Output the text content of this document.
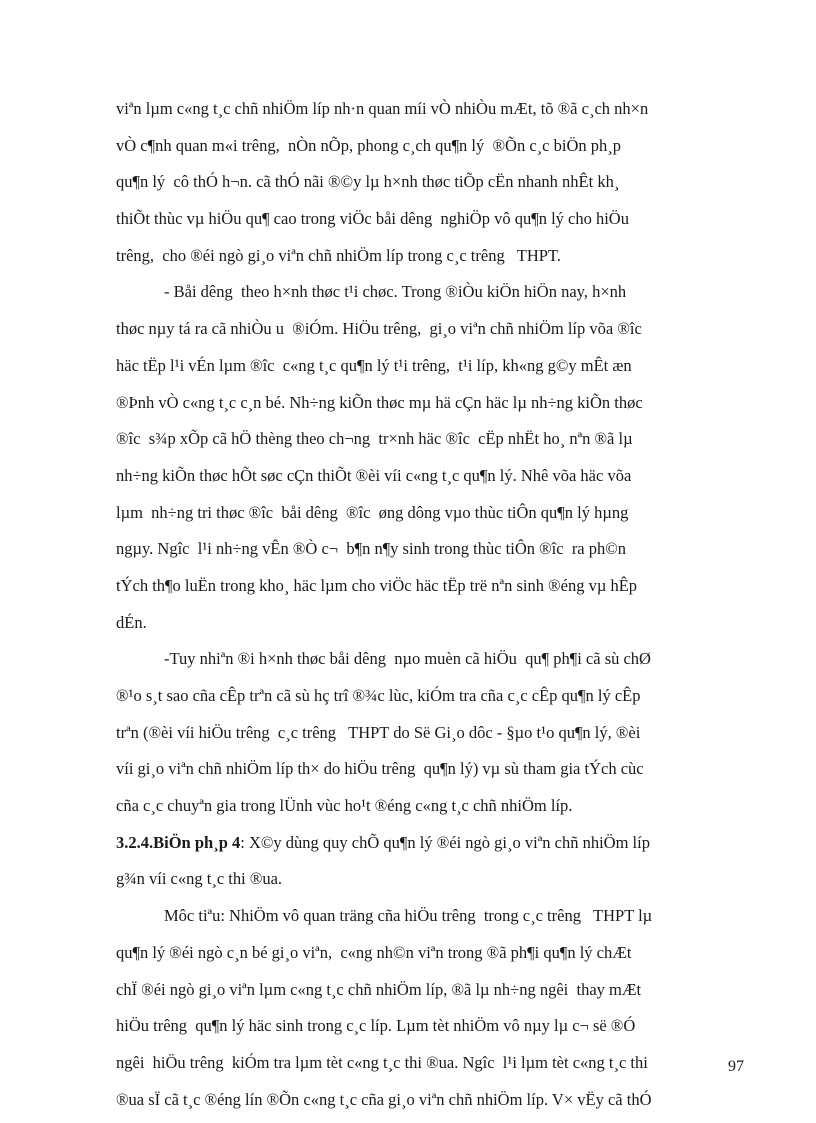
viªn lµm c«ng t¸c chñ nhiÖm líp nh·n quan míi vÒ nhiÒu mÆt, tõ ®ã c¸ch nh×n
vÒ c¶nh quan m«i trêng,  nÒn nÕp, phong c¸ch qu¶n lý  ®Õn c¸c biÖn ph¸p
qu¶n lý  cô thÓ h¬n. cã thÓ nãi ®©y lµ h×nh thøc tiÕp cËn nhanh nhÊt kh¸
thiÕt thùc vµ hiÖu qu¶ cao trong viÖc båi dêng  nghiÖp vô qu¶n lý cho hiÖu
trêng,  cho ®éi ngò gi¸o viªn chñ nhiÖm líp trong c¸c trêng   THPT.
- Båi dêng  theo h×nh thøc t¹i chøc. Trong ®iÒu kiÖn hiÖn nay, h×nh
thøc nµy tá ra cã nhiÒu u  ®iÓm. HiÖu trêng,  gi¸o viªn chñ nhiÖm líp võa ®îc
häc tËp l¹i vÉn lµm ®îc  c«ng t¸c qu¶n lý t¹i trêng,  t¹i líp, kh«ng g©y mÊt æn
®Þnh vÒ c«ng t¸c c¸n bé. Nh÷ng kiÕn thøc mµ hä cÇn häc lµ nh÷ng kiÕn thøc
®îc  s¾p xÕp cã hÖ thèng theo ch¬ng  tr×nh häc ®îc  cËp nhËt ho¸ nªn ®ã lµ
nh÷ng kiÕn thøc hÕt søc cÇn thiÕt ®èi víi c«ng t¸c qu¶n lý. Nhê võa häc võa
lµm  nh÷ng tri thøc ®îc  båi dêng  ®îc  øng dông vµo thùc tiÔn qu¶n lý hµng
ngµy. Ngîc  l¹i nh÷ng vÊn ®Ò c¬  b¶n n¶y sinh trong thùc tiÔn ®îc  ra ph©n
tÝch th¶o luËn trong kho¸ häc lµm cho viÖc häc tËp trë nªn sinh ®éng vµ hÊp
dÉn.
-Tuy nhiªn ®i h×nh thøc båi dêng  nµo muèn cã hiÖu  qu¶ ph¶i cã sù chØ
®¹o s¸t sao cña cÊp trªn cã sù hç trî ®¾c lùc, kiÓm tra cña c¸c cÊp qu¶n lý cÊp
trªn (®èi víi hiÖu trêng  c¸c trêng   THPT do Së Gi¸o dôc - §µo t¹o qu¶n lý, ®èi
víi gi¸o viªn chñ nhiÖm líp th× do hiÖu trêng  qu¶n lý) vµ sù tham gia tÝch cùc
cña c¸c chuyªn gia trong lÜnh vùc ho¹t ®éng c«ng t¸c chñ nhiÖm líp.
3.2.4.BiÖn ph¸p 4: X©y dùng quy chÕ qu¶n lý ®éi ngò gi¸o viªn chñ nhiÖm líp
g¾n víi c«ng t¸c thi ®ua.
Môc tiªu: NhiÖm vô quan träng cña hiÖu trêng  trong c¸c trêng   THPT lµ
qu¶n lý ®éi ngò c¸n bé gi¸o viªn,  c«ng nh©n viªn trong ®ã ph¶i qu¶n lý chÆt
chÏ ®éi ngò gi¸o viªn lµm c«ng t¸c chñ nhiÖm líp, ®ã lµ nh÷ng ngêi  thay mÆt
hiÖu trêng  qu¶n lý häc sinh trong c¸c líp. Lµm tèt nhiÖm vô nµy lµ c¬ së ®Ó
ngêi  hiÖu trêng  kiÓm tra lµm tèt c«ng t¸c thi ®ua. Ngîc  l¹i lµm tèt c«ng t¸c thi
®ua sÏ cã t¸c ®éng lín ®Õn c«ng t¸c cña gi¸o viªn chñ nhiÖm líp. V× vËy cã thÓ
97
